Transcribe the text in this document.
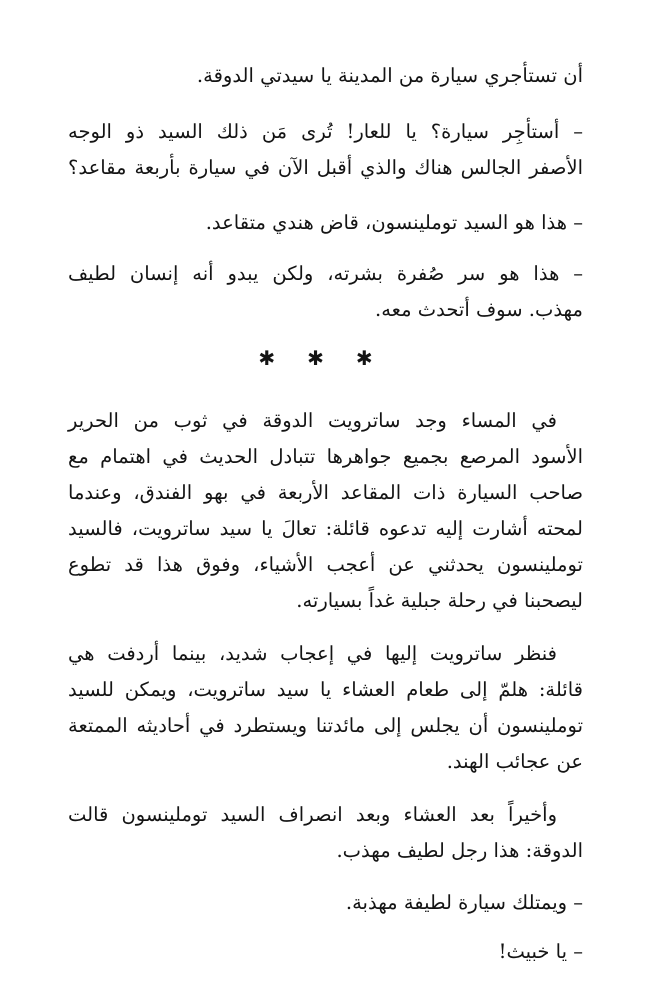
أن تستأجري سيارة من المدينة يا سيدتي الدوقة.

– أستأجِر سيارة؟ يا للعار! تُرى مَن ذلك السيد ذو الوجه

الأصفر الجالس هناك والذي أقبل الآن في سيارة بأربعة مقاعد؟

– هذا هو السيد توملينسون، قاض هندي متقاعد.

– هذا هو سر صُفرة بشرته، ولكن يبدو أنه إنسان لطيف

مهذب. سوف أتحدث معه.

✱ ✱ ✱

في المساء وجد ساترويت الدوقة في ثوب من الحرير

الأسود المرصع بجميع جواهرها تتبادل الحديث في اهتمام مع

صاحب السيارة ذات المقاعد الأربعة في بهو الفندق، وعندما

لمحته أشارت إليه تدعوه قائلة: تعالَ يا سيد ساترويت، فالسيد

توملينسون يحدثني عن أعجب الأشياء، وفوق هذا قد تطوع

ليصحبنا في رحلة جبلية غداً بسيارته.

فنظر ساترويت إليها في إعجاب شديد، بينما أردفت هي

قائلة: هلمّ إلى طعام العشاء يا سيد ساترويت، ويمكن للسيد

توملينسون أن يجلس إلى مائدتنا ويستطرد في أحاديثه الممتعة

عن عجائب الهند.

وأخيراً بعد العشاء وبعد انصراف السيد توملينسون قالت

الدوقة: هذا رجل لطيف مهذب.

– ويمتلك سيارة لطيفة مهذبة.

– يا خبيث!
